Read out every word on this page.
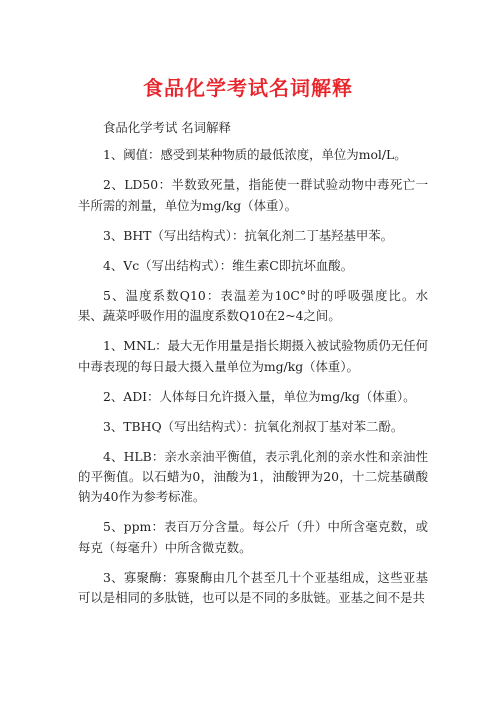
食品化学考试名词解释

食品化学考试 名词解释

1、阈值：感受到某种物质的最低浓度，单位为mol/L。

2、LD50：半数致死量，指能使一群试验动物中毒死亡一半所需的剂量，单位为mg/kg（体重）。

3、BHT（写出结构式）：抗氧化剂二丁基羟基甲苯。

4、Vc（写出结构式）：维生素C即抗坏血酸。

5、温度系数Q10：表温差为10C°时的呼吸强度比。水果、蔬菜呼吸作用的温度系数Q10在2~4之间。

1、MNL：最大无作用量是指长期摄入被试验物质仍无任何中毒表现的每日最大摄入量单位为mg/kg（体重）。

2、ADI：人体每日允许摄入量，单位为mg/kg（体重）。

3、TBHQ（写出结构式）：抗氧化剂叔丁基对苯二酚。

4、HLB：亲水亲油平衡值，表示乳化剂的亲水性和亲油性的平衡值。以石蜡为0，油酸为1，油酸钾为20，十二烷基磺酸钠为40作为参考标准。

5、ppm：表百万分含量。每公斤（升）中所含毫克数，或每克（每毫升）中所含微克数。

3、寡聚酶：寡聚酶由几个甚至几十个亚基组成，这些亚基可以是相同的多肽链，也可以是不同的多肽链。亚基之间不是共
